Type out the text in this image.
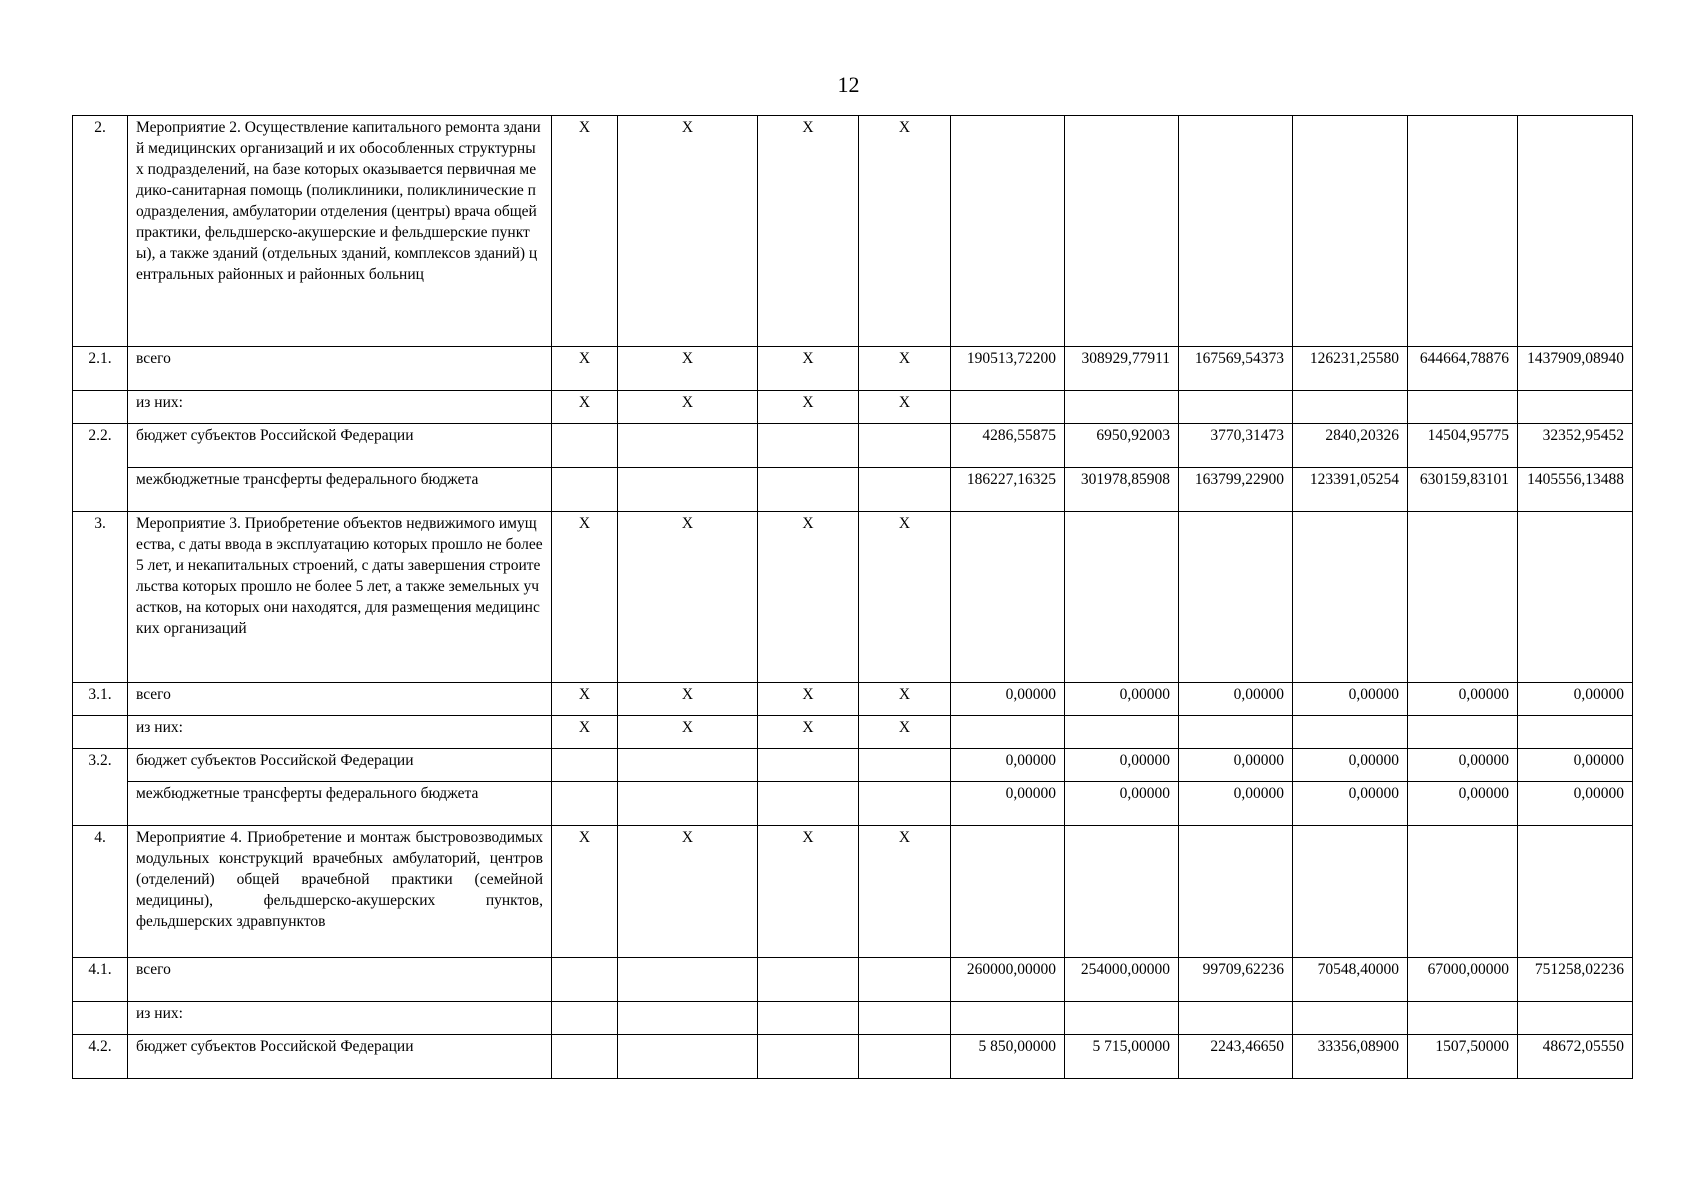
12
2.	Мероприятие 2. Осуществление капитального ремонта зданий медицинских организаций и их обособленных структурных подразделений, на базе которых оказывается первичная медико-санитарная помощь (поликлиники, поликлинические подразделения, амбулатории отделения (центры) врача общей практики, фельдшерско-акушерские и фельдшерские пункты), а также зданий (отдельных зданий, комплексов зданий) центральных районных и районных больниц	X	X	X	X						
2.1.	всего	X	X	X	X	190513,72200	308929,77911	167569,54373	126231,25580	644664,78876	1437909,08940
	из них:	X	X	X	X						
2.2.	бюджет субъектов Российской Федерации					4286,55875	6950,92003	3770,31473	2840,20326	14504,95775	32352,95452
	межбюджетные трансферты федерального бюджета					186227,16325	301978,85908	163799,22900	123391,05254	630159,83101	1405556,13488
3.	Мероприятие 3. Приобретение объектов недвижимого имущества, с даты ввода в эксплуатацию которых прошло не более 5 лет, и некапитальных строений, с даты завершения строительства которых прошло не более 5 лет, а также земельных участков, на которых они находятся, для размещения медицинских организаций	X	X	X	X						
3.1.	всего	X	X	X	X	0,00000	0,00000	0,00000	0,00000	0,00000	0,00000
	из них:	X	X	X	X						
3.2.	бюджет субъектов Российской Федерации					0,00000	0,00000	0,00000	0,00000	0,00000	0,00000
	межбюджетные трансферты федерального бюджета					0,00000	0,00000	0,00000	0,00000	0,00000	0,00000
4.	Мероприятие 4. Приобретение и монтаж быстровозводимых модульных конструкций врачебных амбулаторий, центров (отделений) общей врачебной практики (семейной медицины), фельдшерско-акушерских пунктов, фельдшерских здравпунктов	X	X	X	X						
4.1.	всего					260000,00000	254000,00000	99709,62236	70548,40000	67000,00000	751258,02236
	из них:										
4.2.	бюджет субъектов Российской Федерации					5 850,00000	5 715,00000	2243,46650	33356,08900	1507,50000	48672,05550
